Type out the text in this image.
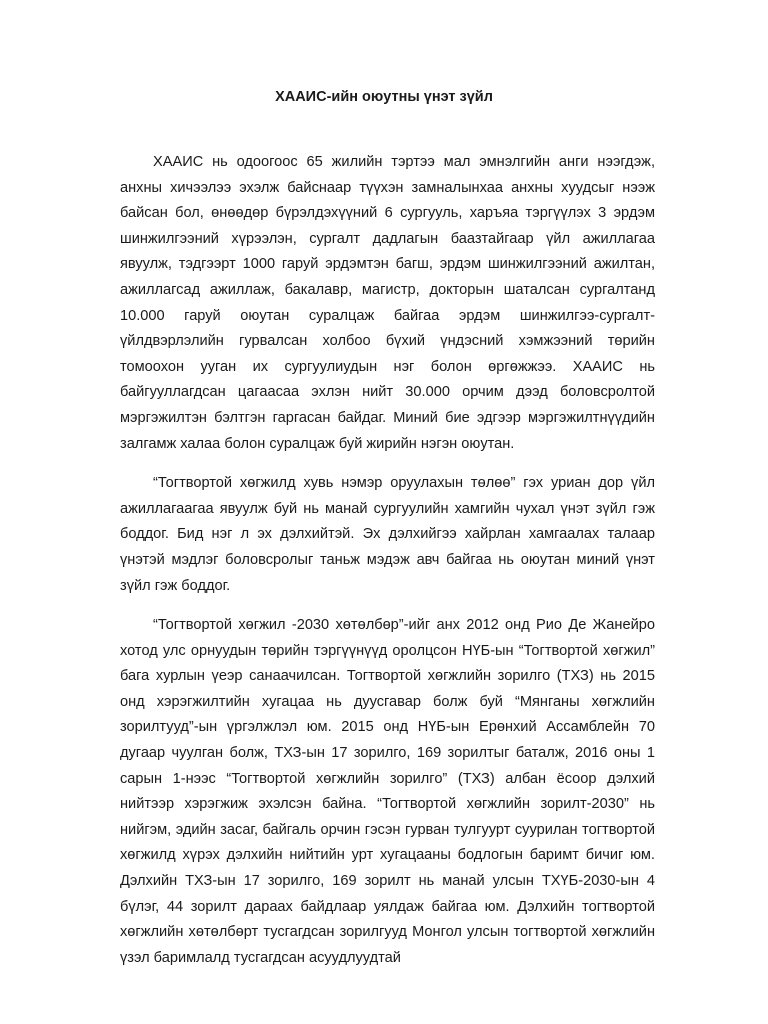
ХААИС-ийн оюутны үнэт зүйл

ХААИС нь одоогоос 65 жилийн тэртээ мал эмнэлгийн анги нээгдэж, анхны хичээлээ эхэлж байснаар түүхэн замналынхаа анхны хуудсыг нээж байсан бол, өнөөдөр бүрэлдэхүүний 6 сургууль, харъяа тэргүүлэх 3 эрдэм шинжилгээний хүрээлэн, сургалт дадлагын баазтайгаар үйл ажиллагаа явуулж, тэдгээрт 1000 гаруй эрдэмтэн багш, эрдэм шинжилгээний ажилтан, ажиллагсад ажиллаж, бакалавр, магистр, докторын шаталсан сургалтанд 10.000 гаруй оюутан суралцаж байгаа эрдэм шинжилгээ-сургалт-үйлдвэрлэлийн гурвалсан холбоо бүхий үндэсний хэмжээний төрийн томоохон ууган их сургуулиудын нэг болон өргөжжээ. ХААИС нь байгууллагдсан цагаасаа эхлэн нийт 30.000 орчим дээд боловсролтой мэргэжилтэн бэлтгэн гаргасан байдаг. Миний бие эдгээр мэргэжилтнүүдийн залгамж халаа болон суралцаж буй жирийн нэгэн оюутан.

“Тогтвортой хөгжилд хувь нэмэр оруулахын төлөө” гэх уриан дор үйл ажиллагаагаа явуулж буй нь манай сургуулийн хамгийн чухал үнэт зүйл гэж боддог. Бид нэг л эх дэлхийтэй. Эх дэлхийгээ хайрлан хамгаалах талаар үнэтэй мэдлэг боловсролыг таньж мэдэж авч байгаа нь оюутан миний үнэт зүйл гэж боддог.

“Тогтвортой хөгжил -2030 хөтөлбөр”-ийг анх 2012 онд Рио Де Жанейро хотод улс орнуудын төрийн тэргүүнүүд оролцсон НҮБ-ын “Тогтвортой хөгжил” бага хурлын үеэр санаачилсан. Тогтвортой хөгжлийн зорилго (ТХЗ) нь 2015 онд хэрэгжилтийн хугацаа нь дуусгавар болж буй “Мянганы хөгжлийн зорилтууд”-ын үргэлжлэл юм. 2015 онд НҮБ-ын Ерөнхий Ассамблейн 70 дугаар чуулган болж, ТХЗ-ын 17 зорилго, 169 зорилтыг баталж, 2016 оны 1 сарын 1-нээс “Тогтвортой хөгжлийн зорилго” (ТХЗ) албан ёсоор дэлхий нийтээр хэрэгжиж эхэлсэн байна. “Тогтвортой хөгжлийн зорилт-2030” нь нийгэм, эдийн засаг, байгаль орчин гэсэн гурван тулгуурт суурилан тогтвортой хөгжилд хүрэх дэлхийн нийтийн урт хугацааны бодлогын баримт бичиг юм. Дэлхийн ТХЗ-ын 17 зорилго, 169 зорилт нь манай улсын ТХҮБ-2030-ын 4 бүлэг, 44 зорилт дараах байдлаар уялдаж байгаа юм. Дэлхийн тогтвортой хөгжлийн хөтөлбөрт тусгагдсан зорилгууд Монгол улсын тогтвортой хөгжлийн үзэл баримлалд тусгагдсан асуудлуудтай
